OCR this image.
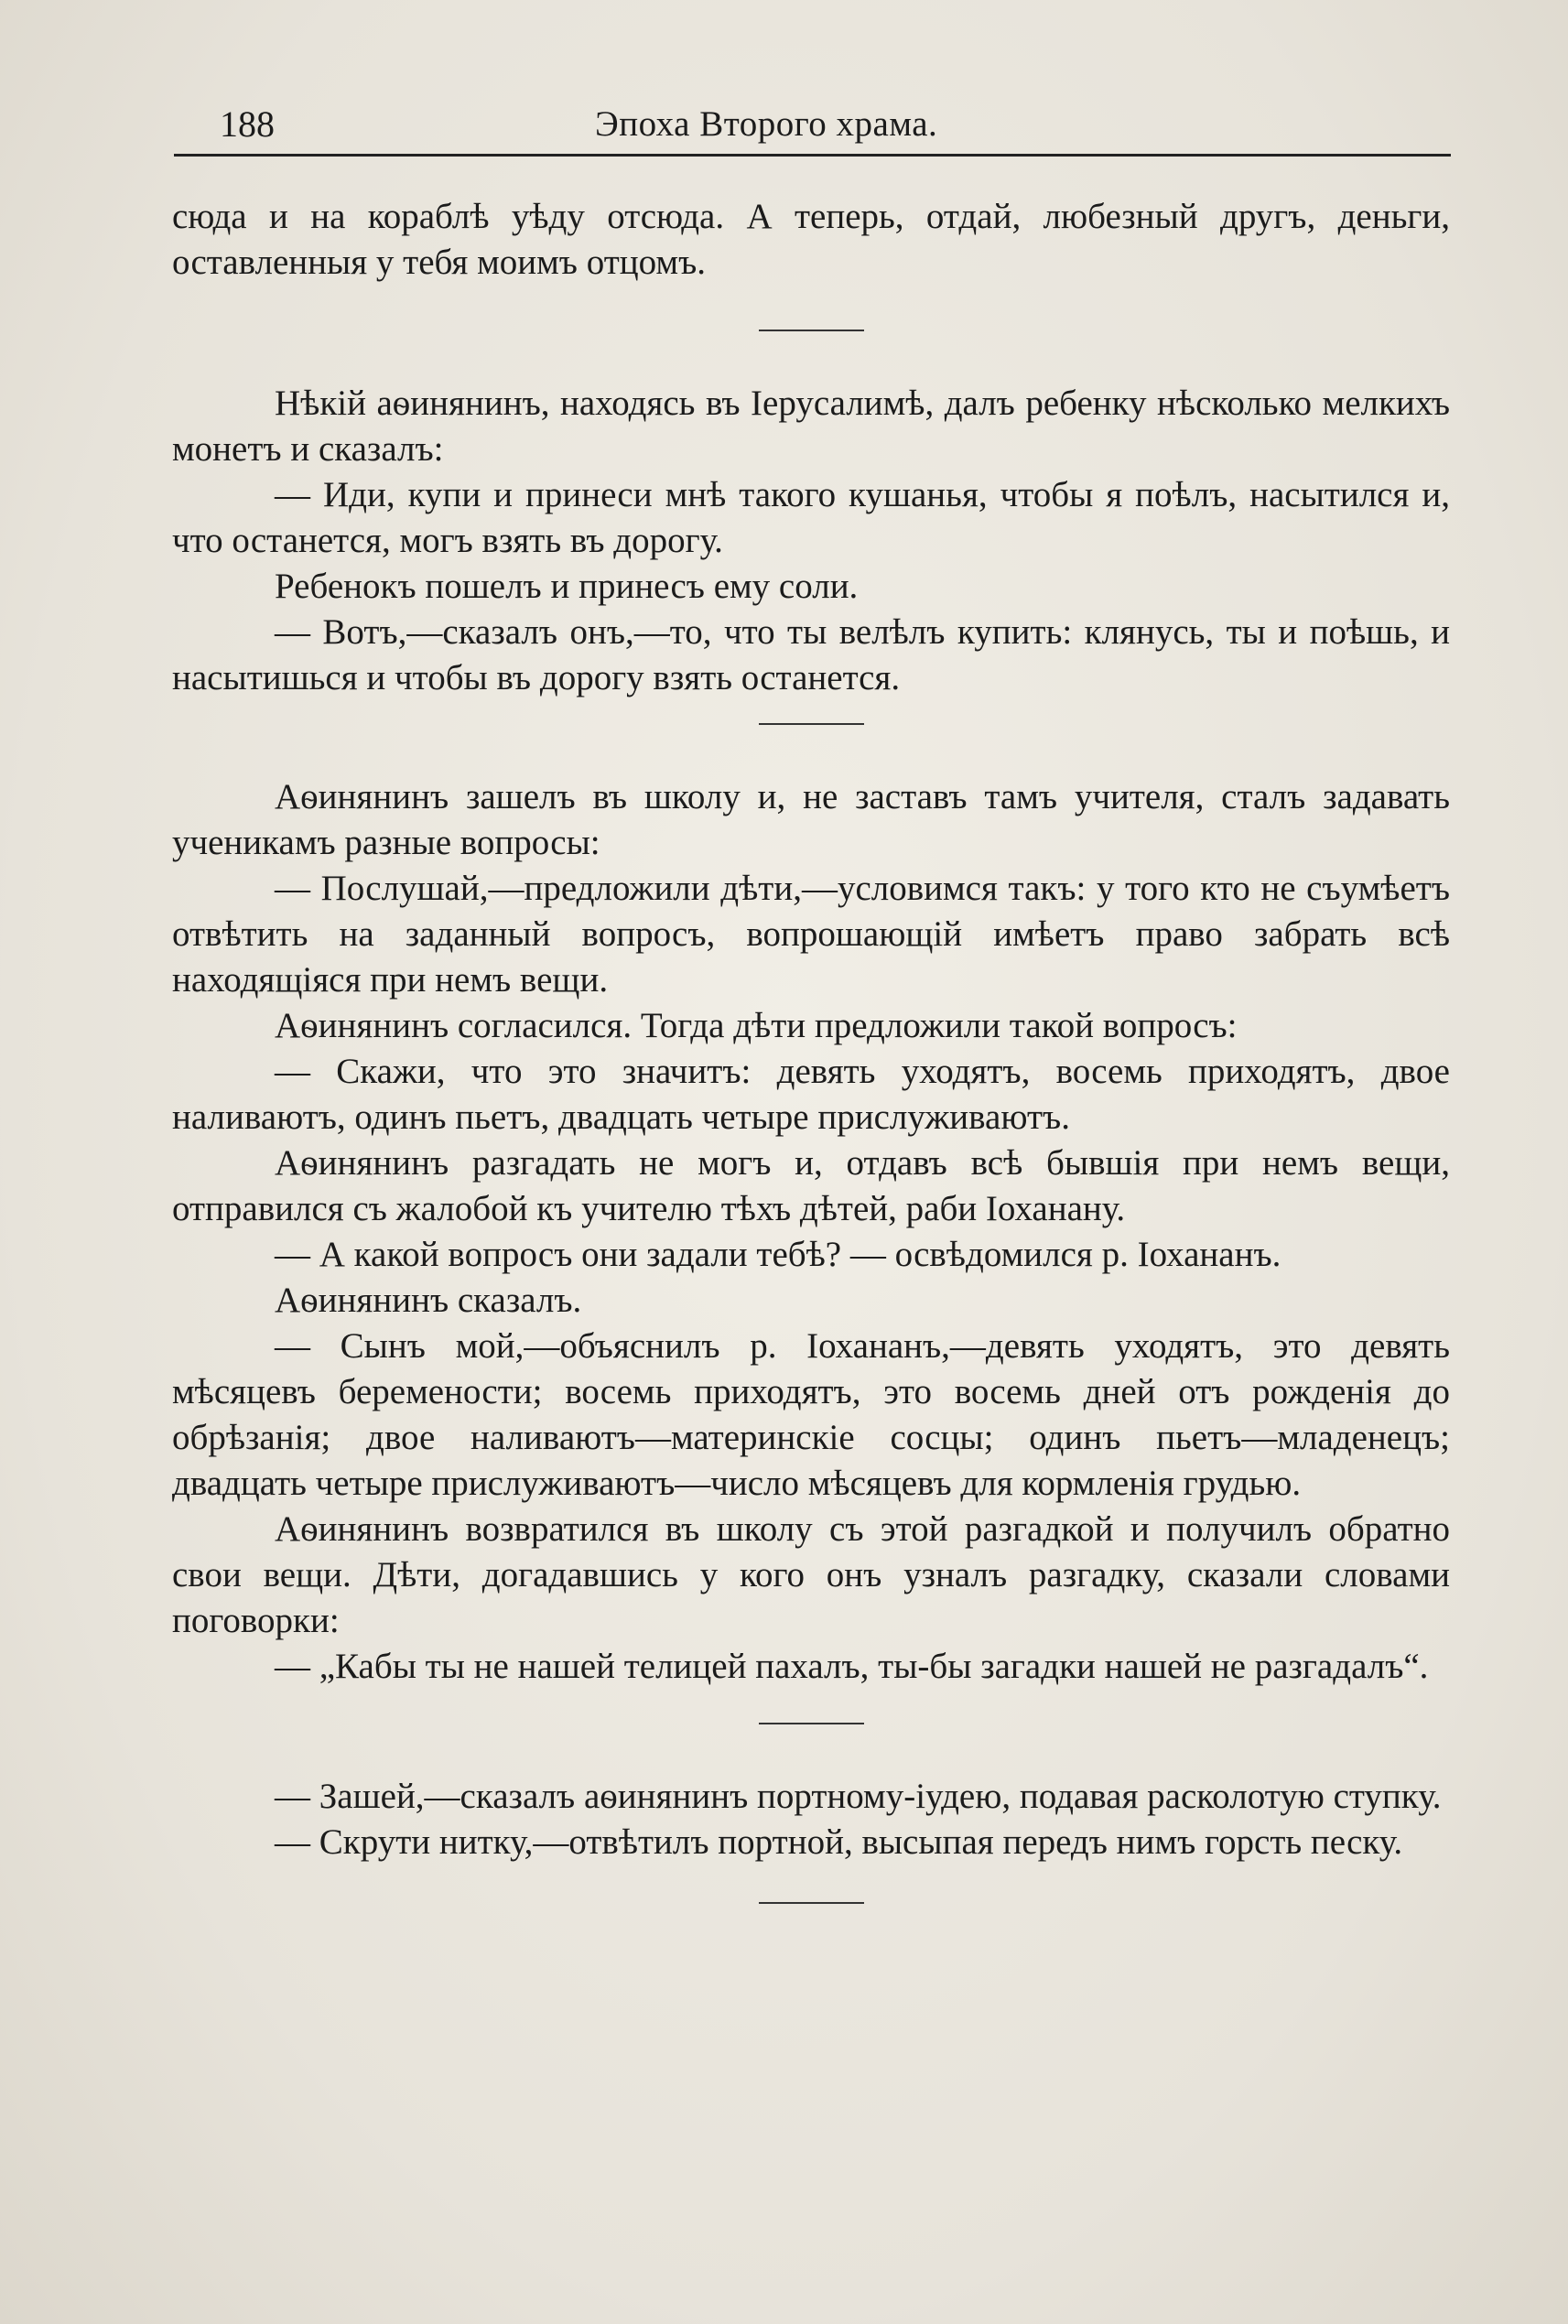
188	Эпоха Второго храма.

сюда и на кораблѣ уѣду отсюда. А теперь, отдай, любезный другъ, деньги, оставленныя у тебя моимъ отцомъ.

Нѣкій аѳинянинъ, находясь въ Іерусалимѣ, далъ ребенку нѣсколько мелкихъ монетъ и сказалъ:

— Иди, купи и принеси мнѣ такого кушанья, чтобы я поѣлъ, насытился и, что останется, могъ взять въ дорогу.

Ребенокъ пошелъ и принесъ ему соли.

— Вотъ,—сказалъ онъ,—то, что ты велѣлъ купить: клянусь, ты и поѣшь, и насытишься и чтобы въ дорогу взять останется.

Аѳинянинъ зашелъ въ школу и, не заставъ тамъ учителя, сталъ задавать ученикамъ разные вопросы:

— Послушай,—предложили дѣти,—условимся такъ: у того кто не съумѣетъ отвѣтить на заданный вопросъ, вопрошающій имѣетъ право забрать всѣ находящіяся при немъ вещи.

Аѳинянинъ согласился. Тогда дѣти предложили такой вопросъ:

— Скажи, что это значитъ: девять уходятъ, восемь приходятъ, двое наливаютъ, одинъ пьетъ, двадцать четыре прислуживаютъ.

Аѳинянинъ разгадать не могъ и, отдавъ всѣ бывшія при немъ вещи, отправился съ жалобой къ учителю тѣхъ дѣтей, раби Іоханану.

— А какой вопросъ они задали тебѣ? — освѣдомился р. Іохананъ.

Аѳинянинъ сказалъ.

— Сынъ мой,—объяснилъ р. Іохананъ,—девять уходятъ, это девять мѣсяцевъ беремености; восемь приходятъ, это восемь дней отъ рожденія до обрѣзанія; двое наливаютъ—материнскіе сосцы; одинъ пьетъ—младенецъ; двадцать четыре прислуживаютъ—число мѣсяцевъ для кормленія грудью.

Аѳинянинъ возвратился въ школу съ этой разгадкой и получилъ обратно свои вещи. Дѣти, догадавшись у кого онъ узналъ разгадку, сказали словами поговорки:

— „Кабы ты не нашей телицей пахалъ, ты-бы загадки нашей не разгадалъ“.

— Зашей,—сказалъ аѳинянинъ портному-іудею, подавая расколотую ступку.

— Скрути нитку,—отвѣтилъ портной, высыпая передъ нимъ горсть песку.
